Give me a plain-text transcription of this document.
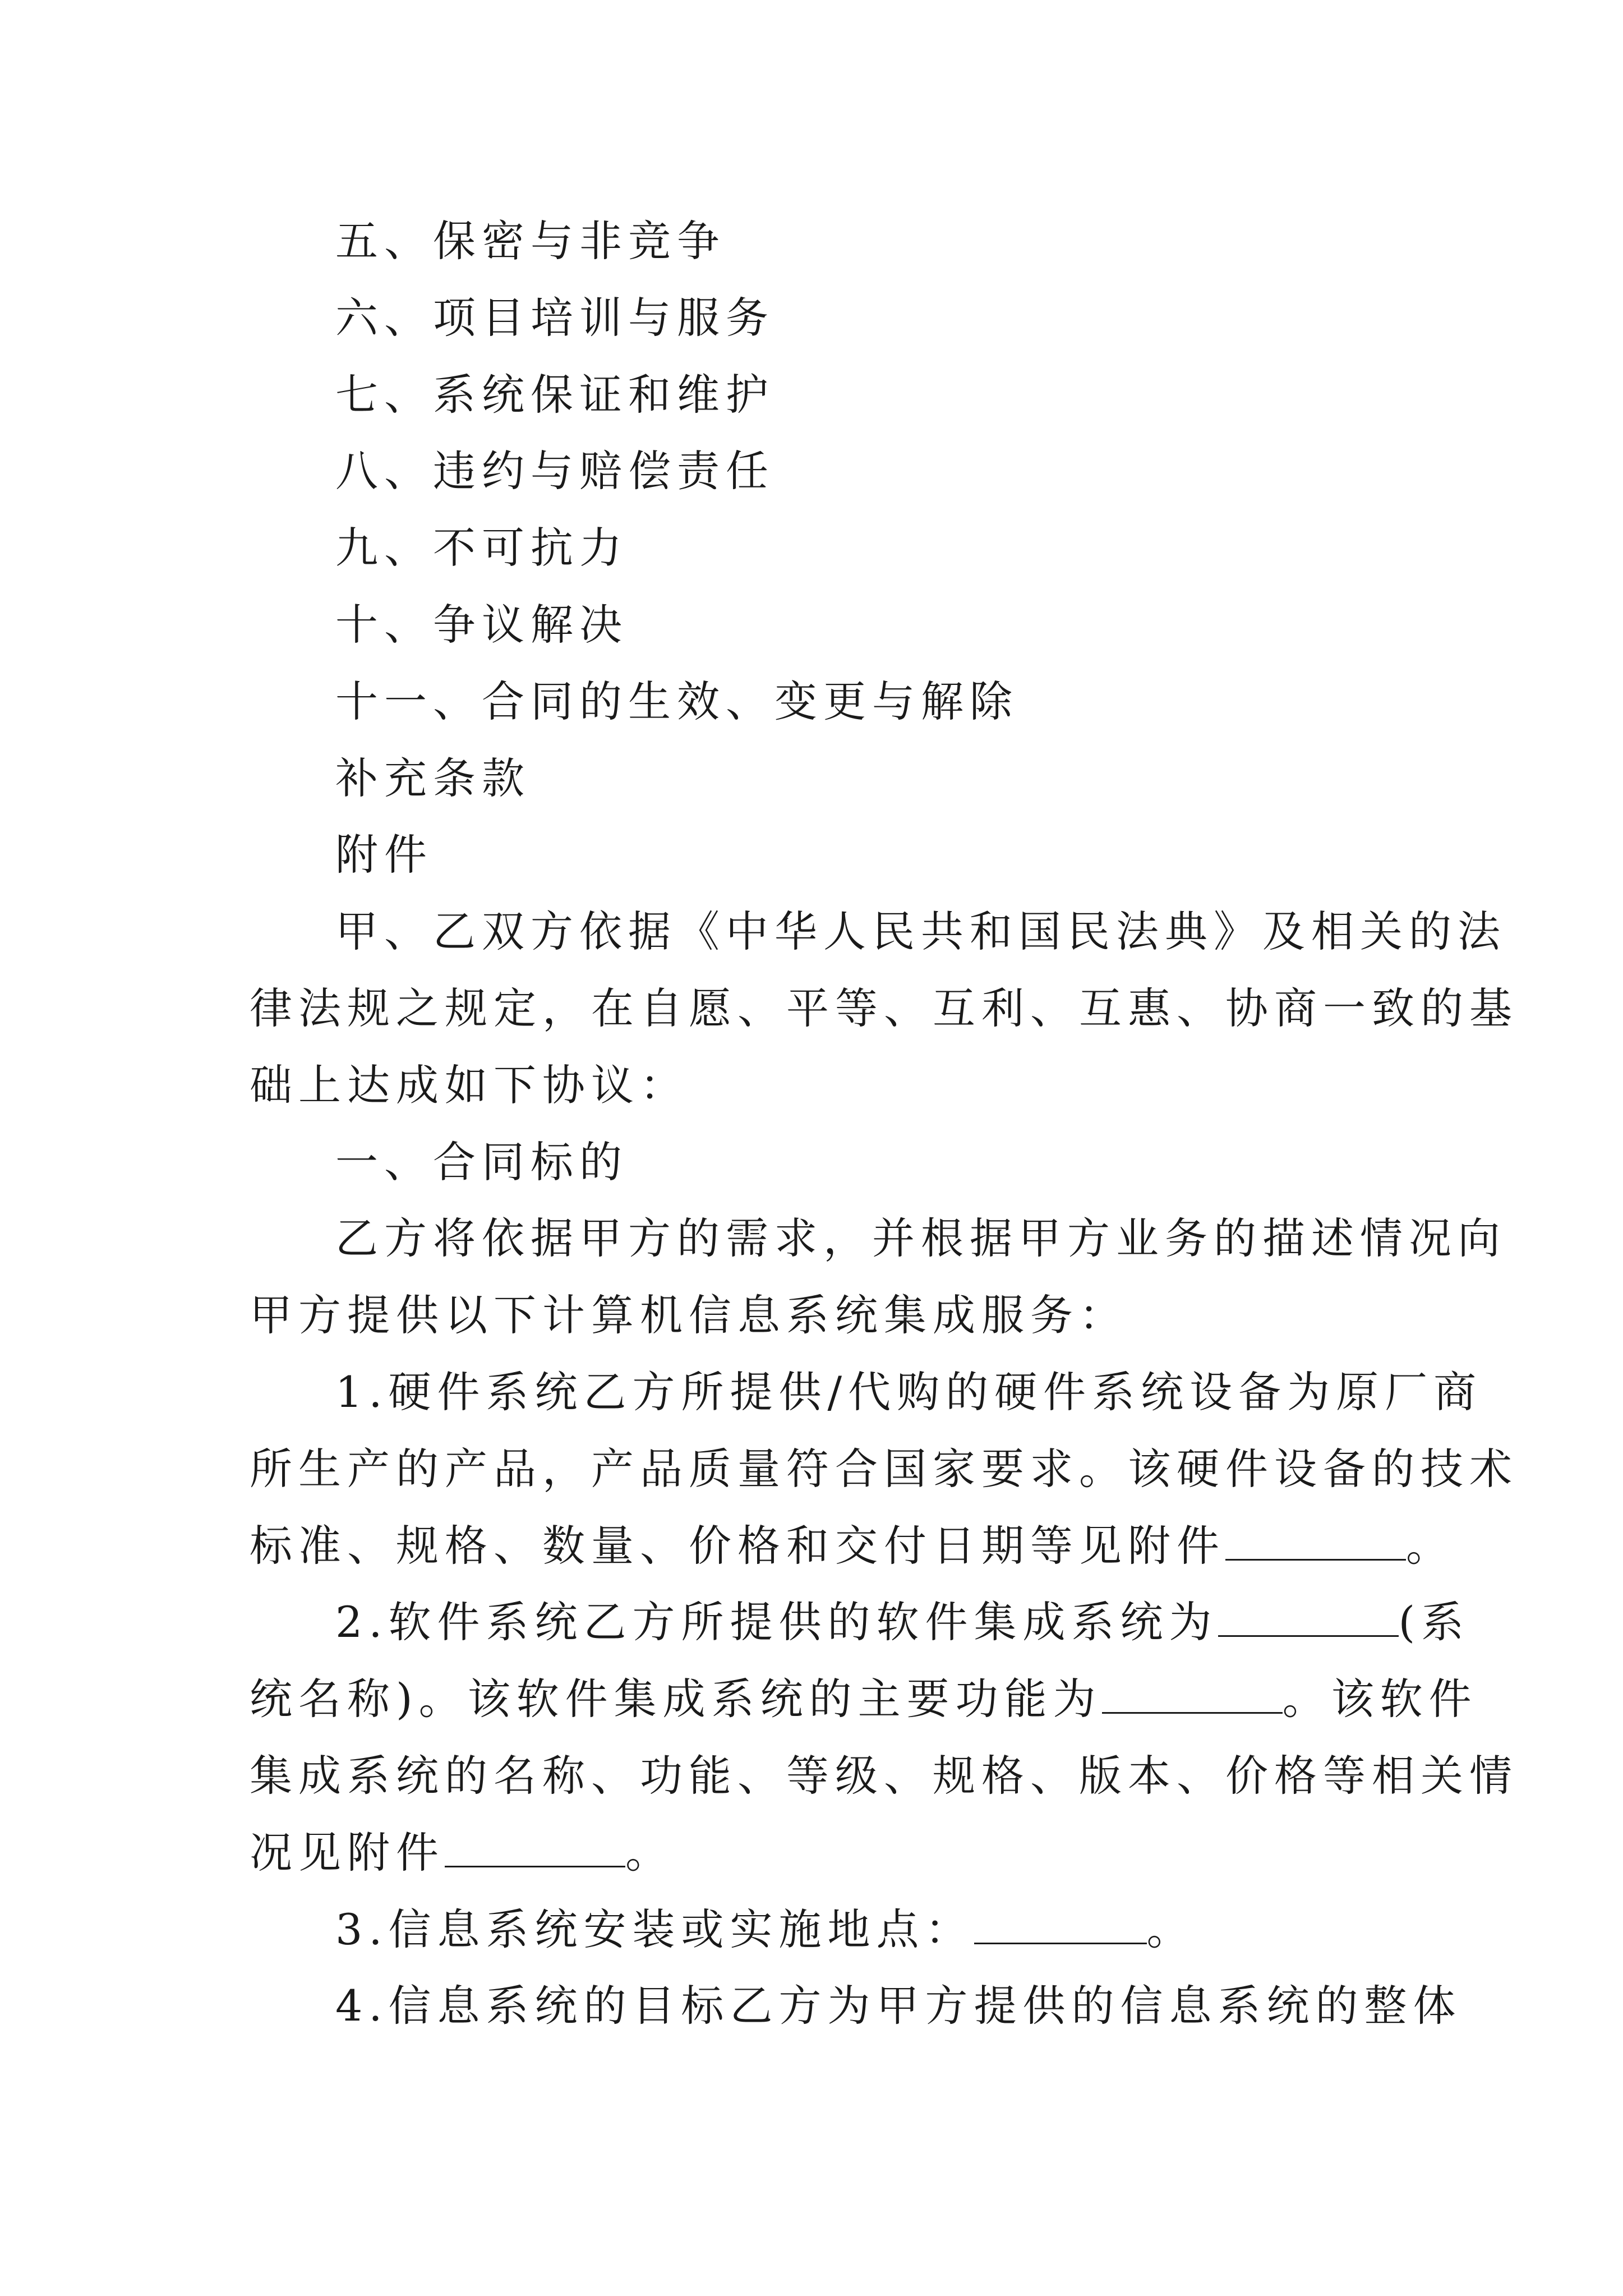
五、保密与非竞争
六、项目培训与服务
七、系统保证和维护
八、违约与赔偿责任
九、不可抗力
十、争议解决
十一、合同的生效、变更与解除
补充条款
附件
甲、乙双方依据《中华人民共和国民法典》及相关的法
律法规之规定，在自愿、平等、互利、互惠、协商一致的基
础上达成如下协议：
一、合同标的
乙方将依据甲方的需求，并根据甲方业务的描述情况向
甲方提供以下计算机信息系统集成服务：
1.硬件系统乙方所提供/代购的硬件系统设备为原厂商
所生产的产品，产品质量符合国家要求。该硬件设备的技术
标准、规格、数量、价格和交付日期等见附件	。
2.软件系统乙方所提供的软件集成系统为	(系
统名称)。该软件集成系统的主要功能为	。该软件
集成系统的名称、功能、等级、规格、版本、价格等相关情
况见附件	。
3.信息系统安装或实施地点：	。
4.信息系统的目标乙方为甲方提供的信息系统的整体
